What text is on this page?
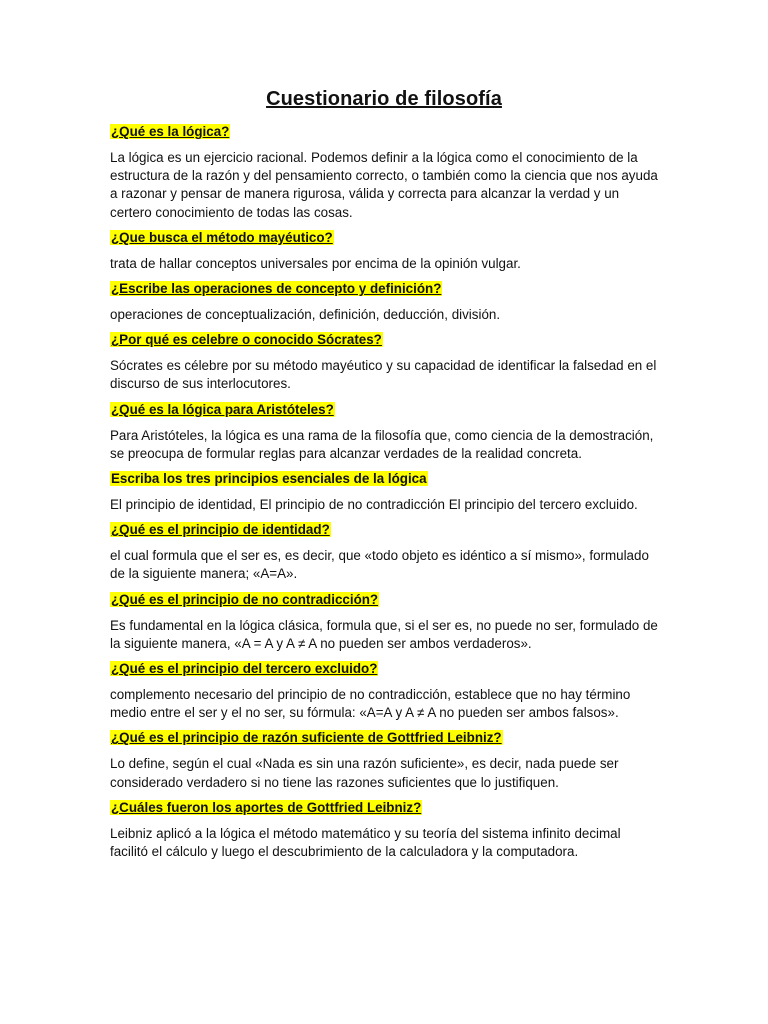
Cuestionario de filosofía

¿Qué es la lógica?

La lógica es un ejercicio racional. Podemos definir a la lógica como el conocimiento de la estructura de la razón y del pensamiento correcto, o también como la ciencia que nos ayuda a razonar y pensar de manera rigurosa, válida y correcta para alcanzar la verdad y un certero conocimiento de todas las cosas.

¿Que busca el método mayéutico?

trata de hallar conceptos universales por encima de la opinión vulgar.

¿Escribe las operaciones de concepto y definición?

operaciones de conceptualización, definición, deducción, división.

¿Por qué es celebre o conocido Sócrates?

Sócrates es célebre por su método mayéutico y su capacidad de identificar la falsedad en el discurso de sus interlocutores.

¿Qué es la lógica para Aristóteles?

Para Aristóteles, la lógica es una rama de la filosofía que, como ciencia de la demostración, se preocupa de formular reglas para alcanzar verdades de la realidad concreta.

Escriba los tres principios esenciales de la lógica

El principio de identidad, El principio de no contradicción El principio del tercero excluido.

¿Qué es el principio de identidad?

el cual formula que el ser es, es decir, que «todo objeto es idéntico a sí mismo», formulado de la siguiente manera; «A=A».

¿Qué es el principio de no contradicción?

Es fundamental en la lógica clásica, formula que, si el ser es, no puede no ser, formulado de la siguiente manera, «A = A y A ≠ A no pueden ser ambos verdaderos».

¿Qué es el principio del tercero excluido?

complemento necesario del principio de no contradicción, establece que no hay término medio entre el ser y el no ser, su fórmula: «A=A y A ≠ A no pueden ser ambos falsos».

¿Qué es el principio de razón suficiente de Gottfried Leibniz?

Lo define, según el cual «Nada es sin una razón suficiente», es decir, nada puede ser considerado verdadero si no tiene las razones suficientes que lo justifiquen.

¿Cuáles fueron los aportes de Gottfried Leibniz?

Leibniz aplicó a la lógica el método matemático y su teoría del sistema infinito decimal facilitó el cálculo y luego el descubrimiento de la calculadora y la computadora.
